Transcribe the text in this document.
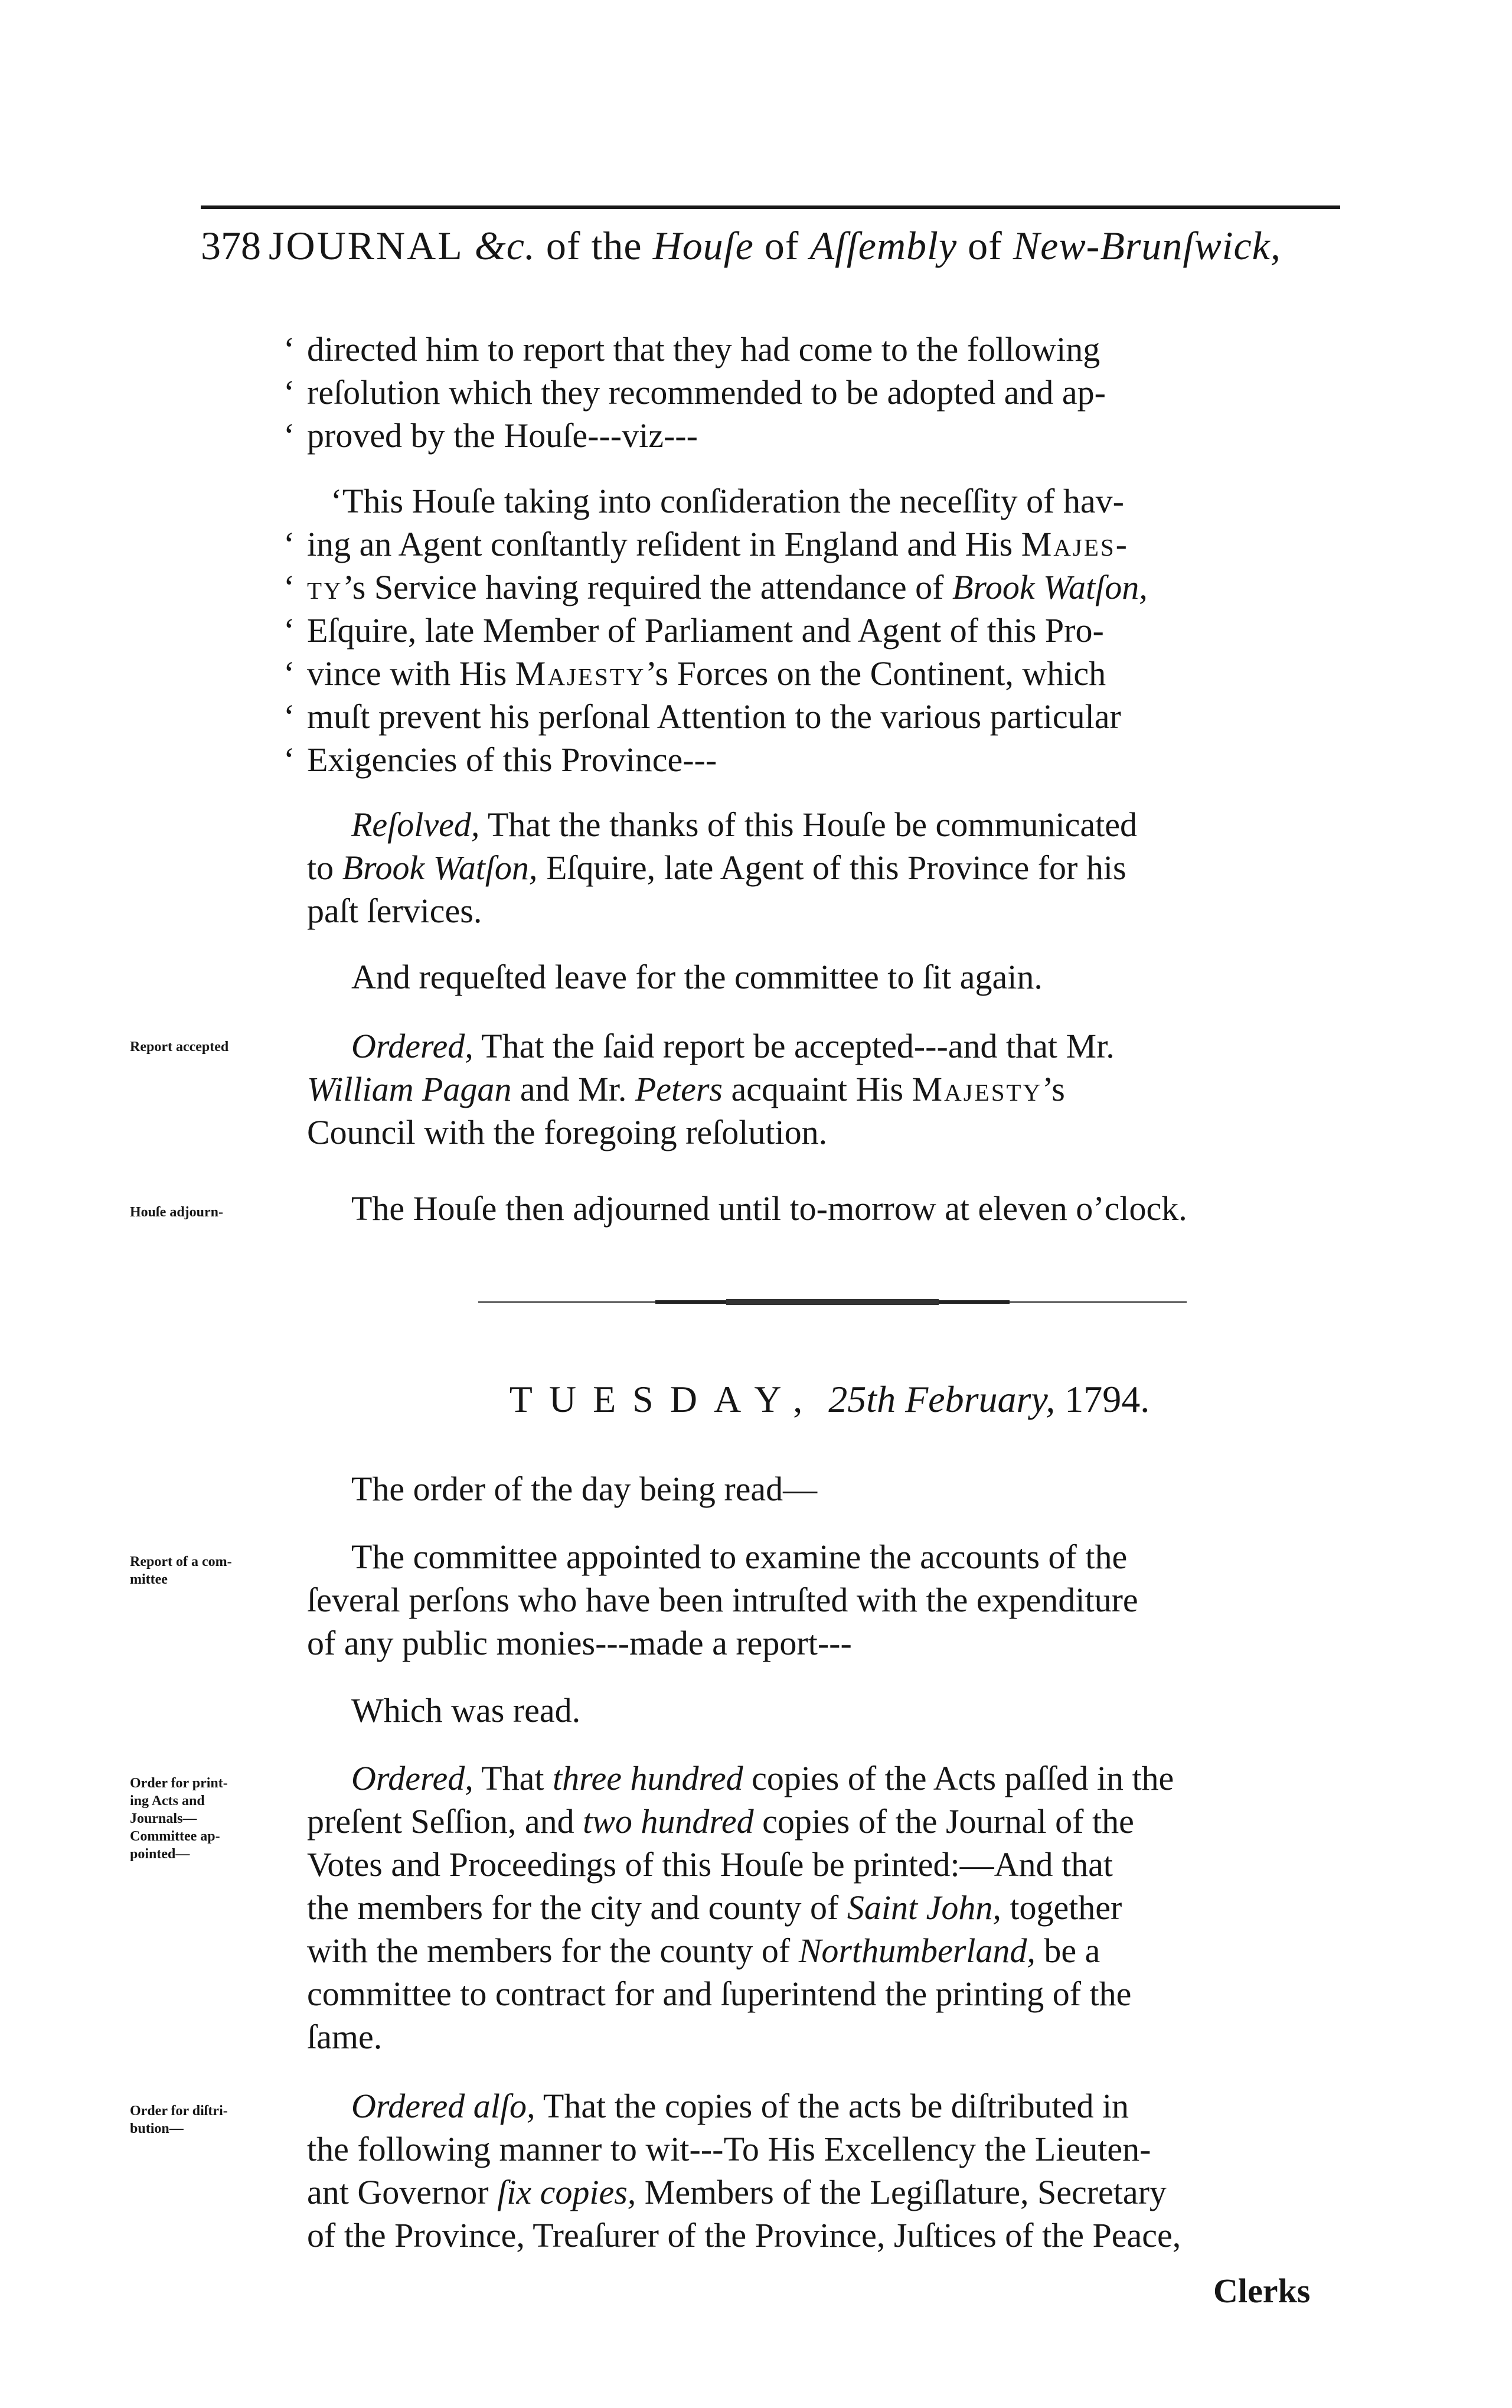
378 JOURNAL &c. of the Houſe of Aſſembly of New-Brunſwick,
‘ directed him to report that they had come to the following
‘ reſolution which they recommended to be adopted and ap-
‘ proved by the Houſe---viz---
‘ This Houſe taking into conſideration the neceſſity of hav-
‘ ing an Agent conſtantly reſident in England and His Majes-
‘ ty’s Service having required the attendance of Brook Watſon,
‘ Eſquire, late Member of Parliament and Agent of this Pro-
‘ vince with His Majesty’s Forces on the Continent, which
‘ muſt prevent his perſonal Attention to the various particular
‘ Exigencies of this Province---
Reſolved, That the thanks of this Houſe be communicated
to Brook Watſon, Eſquire, late Agent of this Province for his
paſt ſervices.
And requeſted leave for the committee to ſit again.
Report accepted	Ordered, That the ſaid report be accepted---and that Mr.
William Pagan and Mr. Peters acquaint His Majesty’s
Council with the foregoing reſolution.
Houſe adjourn-	The Houſe then adjourned until to-morrow at eleven o’clock.
TUESDAY, 25th February, 1794.
The order of the day being read—
Report of a com-
mittee
The committee appointed to examine the accounts of the
ſeveral perſons who have been intruſted with the expenditure
of any public monies---made a report---
Which was read.
Order for print-
ing Acts and
Journals—
Committee ap-
pointed—
Ordered, That three hundred copies of the Acts paſſed in the
preſent Seſſion, and two hundred copies of the Journal of the
Votes and Proceedings of this Houſe be printed:—And that
the members for the city and county of Saint John, together
with the members for the county of Northumberland, be a
committee to contract for and ſuperintend the printing of the
ſame.
Order for diſtri-
bution—
Ordered alſo, That the copies of the acts be diſtributed in
the following manner to wit---To His Excellency the Lieuten-
ant Governor ſix copies, Members of the Legiſlature, Secretary
of the Province, Treaſurer of the Province, Juſtices of the Peace,
Clerks
